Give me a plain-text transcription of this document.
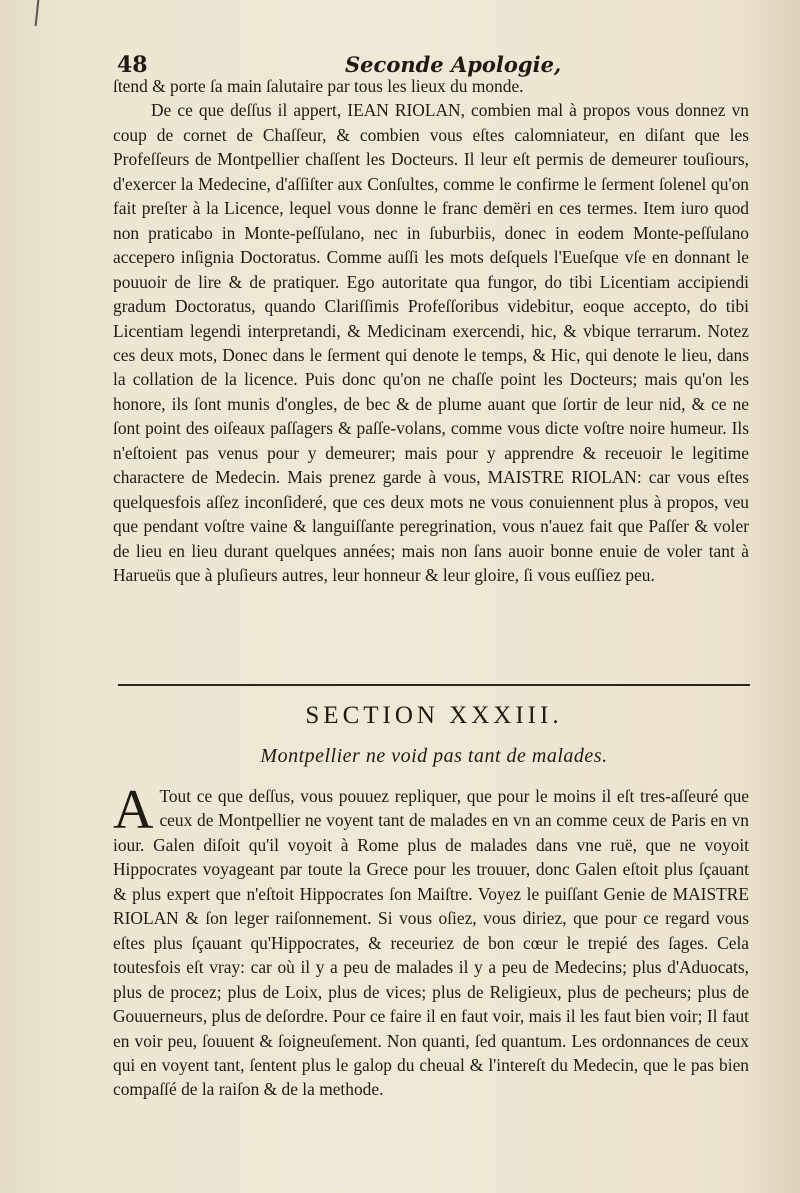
48	Seconde Apologie,

ſtend & porte ſa main ſalutaire par tous les lieux du monde.

De ce que deſſus il appert, IEAN RIOLAN, combien mal à propos vous donnez vn coup de cornet de Chaſſeur, & combien vous eſtes calomniateur, en diſant que les Profeſſeurs de Montpellier chaſſent les Docteurs. Il leur eſt permis de demeurer touſiours, d'exercer la Medecine, d'aſſiſter aux Conſultes, comme le confirme le ſerment ſolenel qu'on fait preſter à la Licence, lequel vous donne le franc demëri en ces termes. Item iuro quod non praticabo in Monte-peſſulano, nec in ſuburbiis, donec in eodem Monte-peſſulano accepero inſignia Doctoratus. Comme auſſi les mots deſquels l'Eueſque vſe en donnant le pouuoir de lire & de pratiquer. Ego autoritate qua fungor, do tibi Licentiam accipiendi gradum Doctoratus, quando Clariſſimis Profeſſoribus videbitur, eoque accepto, do tibi Licentiam legendi interpretandi, & Medicinam exercendi, hic, & vbique terrarum. Notez ces deux mots, Donec dans le ſerment qui denote le temps, & Hic, qui denote le lieu, dans la collation de la licence. Puis donc qu'on ne chaſſe point les Docteurs; mais qu'on les honore, ils ſont munis d'ongles, de bec & de plume auant que ſortir de leur nid, & ce ne ſont point des oiſeaux paſſagers & paſſe-volans, comme vous dicte voſtre noire humeur. Ils n'eſtoient pas venus pour y demeurer; mais pour y apprendre & receuoir le legitime charactere de Medecin. Mais prenez garde à vous, MAISTRE RIOLAN: car vous eſtes quelquesfois aſſez inconſideré, que ces deux mots ne vous conuiennent plus à propos, veu que pendant voſtre vaine & languiſſante peregrination, vous n'auez fait que Paſſer & voler de lieu en lieu durant quelques années; mais non ſans auoir bonne enuie de voler tant à Harueüs que à pluſieurs autres, leur honneur & leur gloire, ſi vous euſſiez peu.

SECTION XXXIII.
Montpellier ne void pas tant de malades.
A Tout ce que deſſus, vous pouuez repliquer, que pour le moins il eſt tres-aſſeuré que ceux de Montpellier ne voyent tant de malades en vn an comme ceux de Paris en vn iour. Galen diſoit qu'il voyoit à Rome plus de malades dans vne ruë, que ne voyoit Hippocrates voyageant par toute la Grece pour les trouuer, donc Galen eſtoit plus ſçauant & plus expert que n'eſtoit Hippocrates ſon Maiſtre. Voyez le puiſſant Genie de MAISTRE RIOLAN & ſon leger raiſonnement. Si vous oſiez, vous diriez, que pour ce regard vous eſtes plus ſçauant qu'Hippocrates, & receuriez de bon cœur le trepié des ſages. Cela toutesfois eſt vray: car où il y a peu de malades il y a peu de Medecins; plus d'Aduocats, plus de procez; plus de Loix, plus de vices; plus de Religieux, plus de pecheurs; plus de Gouuerneurs, plus de deſordre. Pour ce faire il en faut voir, mais il les faut bien voir; Il faut en voir peu, ſouuent & ſoigneuſement. Non quanti, ſed quantum. Les ordonnances de ceux qui en voyent tant, ſentent plus le galop du cheual & l'intereſt du Medecin, que le pas bien compaſſé de la raiſon & de la methode.
